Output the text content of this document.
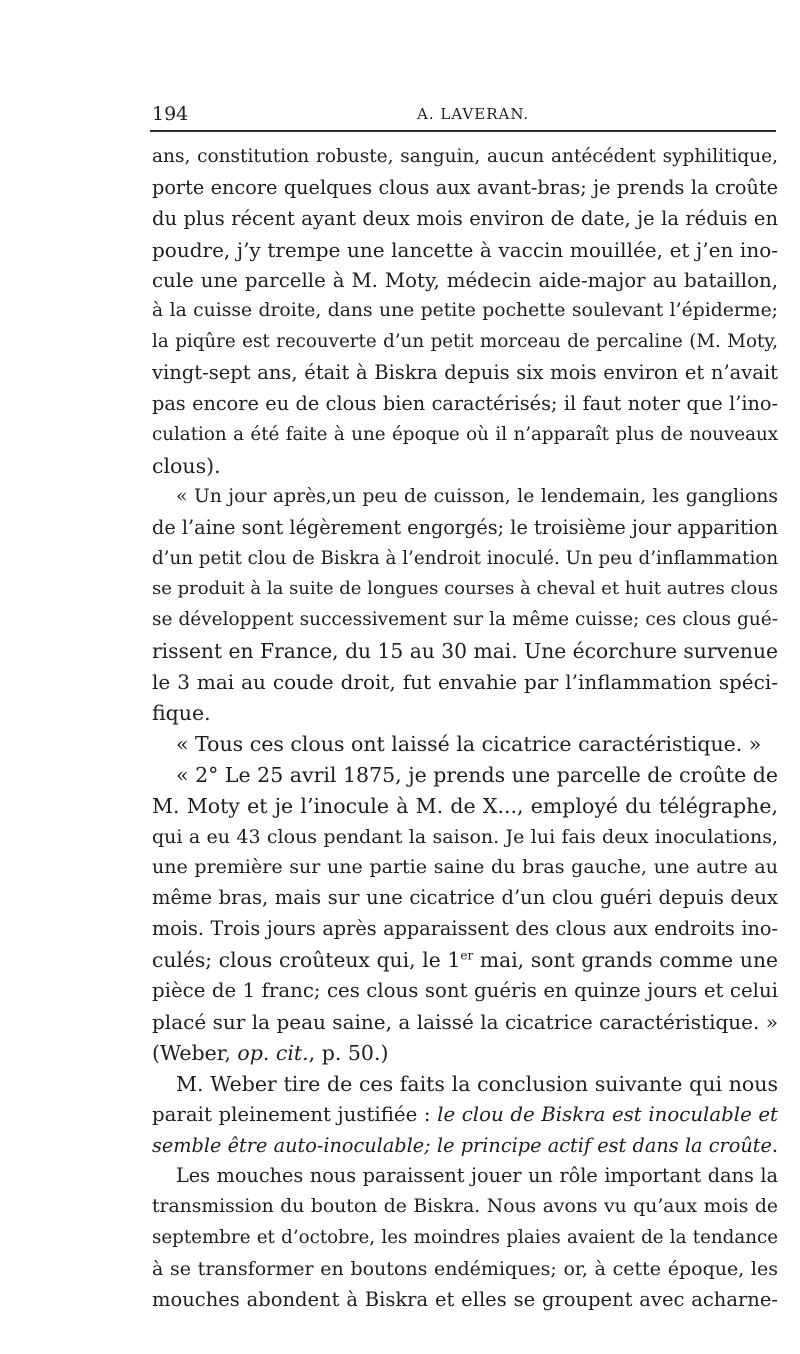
194	A. LAVERAN.
ans, constitution robuste, sanguin, aucun antécédent syphilitique,
porte encore quelques clous aux avant-bras; je prends la croûte
du plus récent ayant deux mois environ de date, je la réduis en
poudre, j’y trempe une lancette à vaccin mouillée, et j’en ino-
cule une parcelle à M. Moty, médecin aide-major au bataillon,
à la cuisse droite, dans une petite pochette soulevant l’épiderme;
la piqûre est recouverte d’un petit morceau de percaline (M. Moty,
vingt-sept ans, était à Biskra depuis six mois environ et n’avait
pas encore eu de clous bien caractérisés; il faut noter que l’ino-
culation a été faite à une époque où il n’apparaît plus de nouveaux
clous).
« Un jour après,un peu de cuisson, le lendemain, les ganglions
de l’aine sont légèrement engorgés; le troisième jour apparition
d’un petit clou de Biskra à l’endroit inoculé. Un peu d’inflammation
se produit à la suite de longues courses à cheval et huit autres clous
se développent successivement sur la même cuisse; ces clous gué-
rissent en France, du 15 au 30 mai. Une écorchure survenue
le 3 mai au coude droit, fut envahie par l’inflammation spéci-
fique.
« Tous ces clous ont laissé la cicatrice caractéristique. »
« 2° Le 25 avril 1875, je prends une parcelle de croûte de
M. Moty et je l’inocule à M. de X..., employé du télégraphe,
qui a eu 43 clous pendant la saison. Je lui fais deux inoculations,
une première sur une partie saine du bras gauche, une autre au
même bras, mais sur une cicatrice d’un clou guéri depuis deux
mois. Trois jours après apparaissent des clous aux endroits ino-
culés; clous croûteux qui, le 1er mai, sont grands comme une
pièce de 1 franc; ces clous sont guéris en quinze jours et celui
placé sur la peau saine, a laissé la cicatrice caractéristique. »
(Weber, op. cit., p. 50.)
M. Weber tire de ces faits la conclusion suivante qui nous
parait pleinement justifiée : le clou de Biskra est inoculable et
semble être auto-inoculable; le principe actif est dans la croûte.
Les mouches nous paraissent jouer un rôle important dans la
transmission du bouton de Biskra. Nous avons vu qu’aux mois de
septembre et d’octobre, les moindres plaies avaient de la tendance
à se transformer en boutons endémiques; or, à cette époque, les
mouches abondent à Biskra et elles se groupent avec acharne-
